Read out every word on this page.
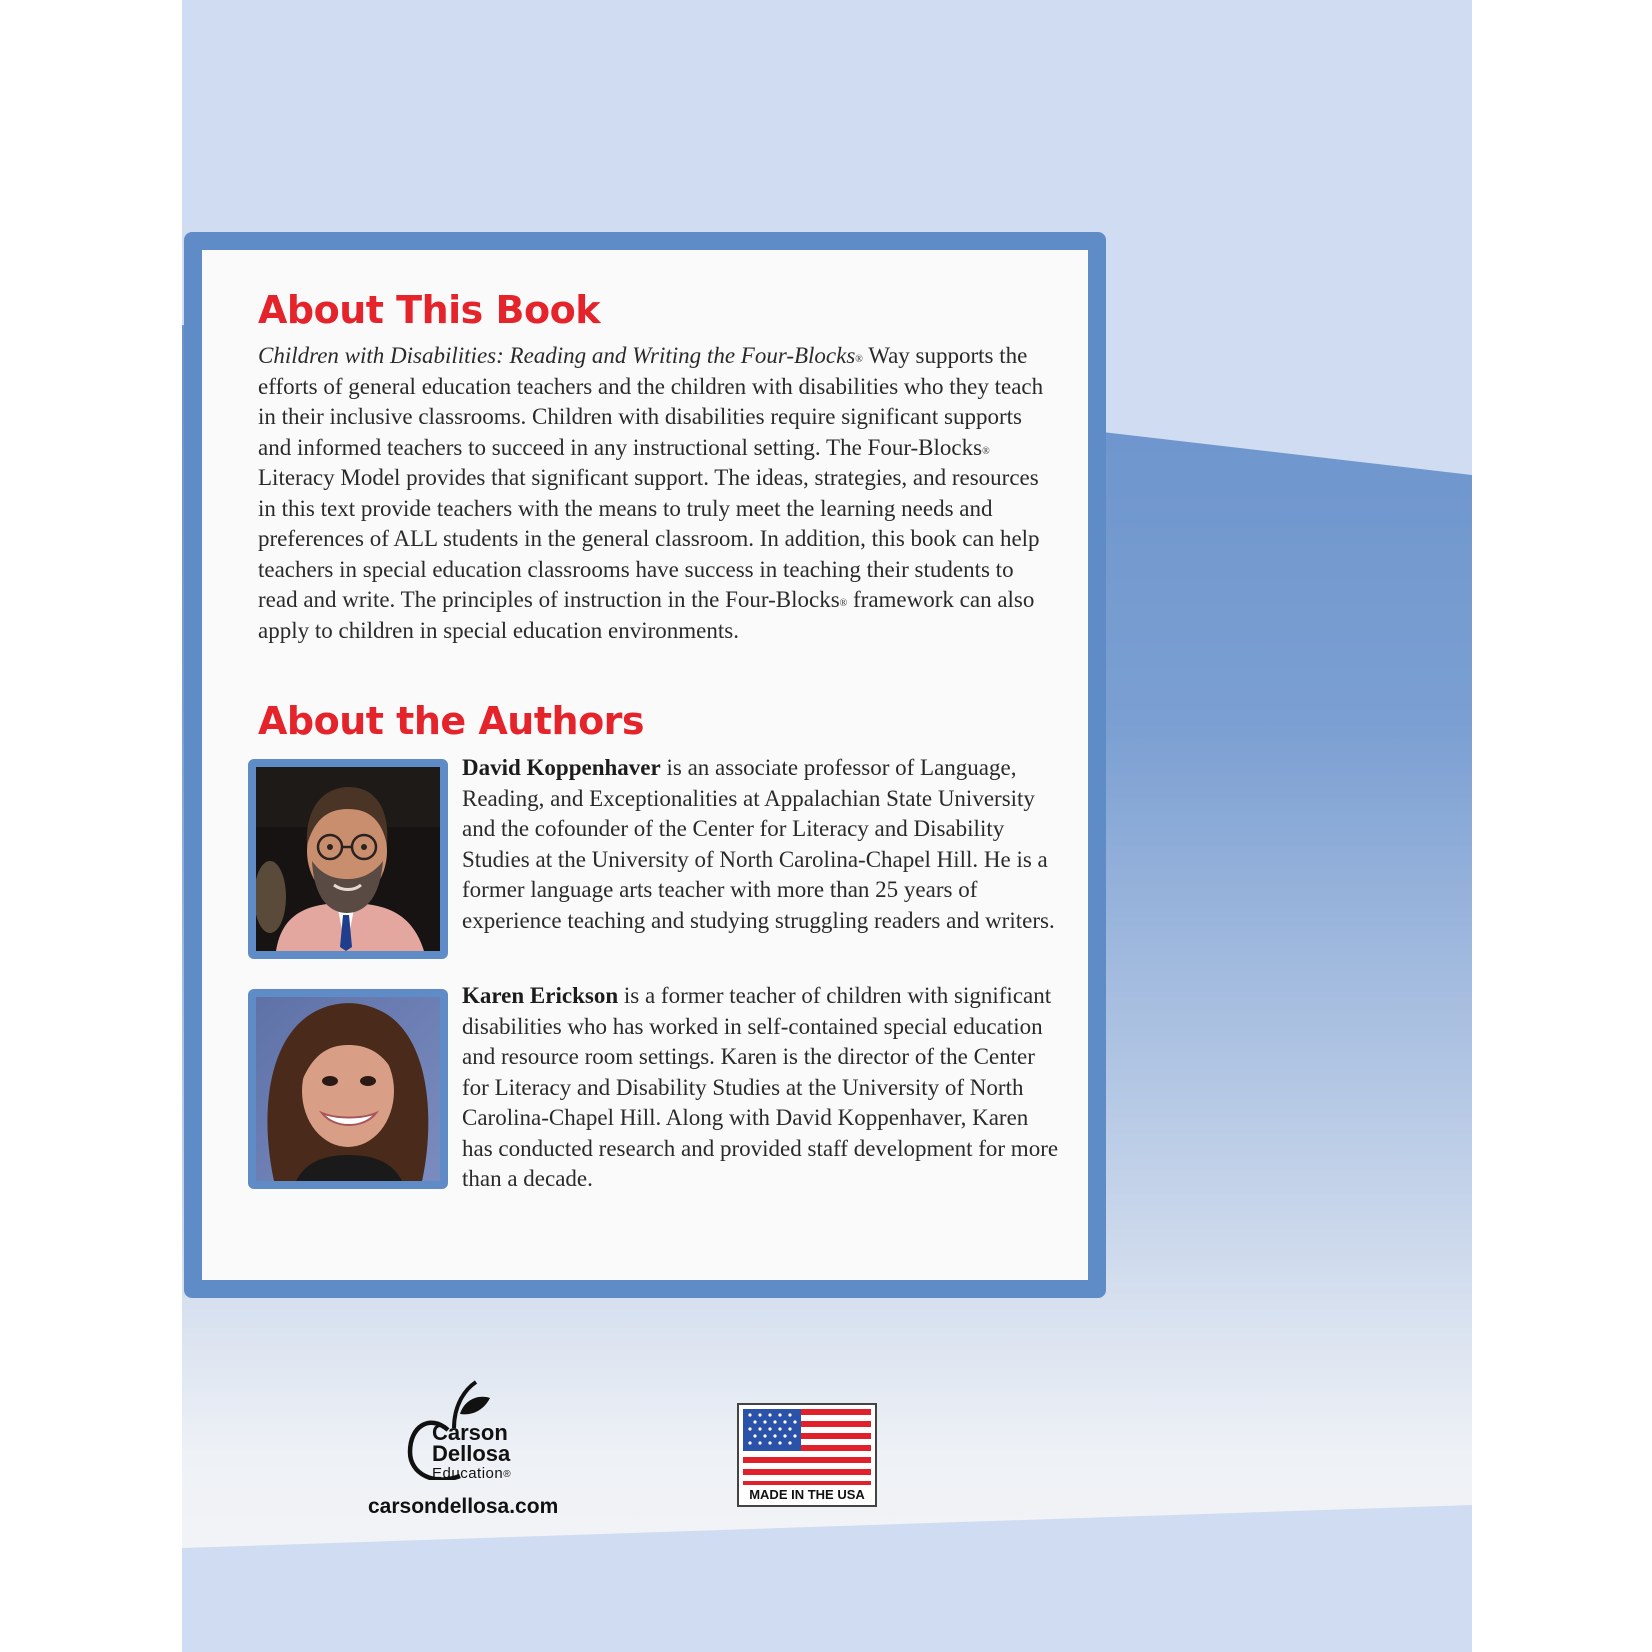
About This Book

Children with Disabilities: Reading and Writing the Four-Blocks® Way supports the efforts of general education teachers and the children with disabilities who they teach in their inclusive classrooms. Children with disabilities require significant supports and informed teachers to succeed in any instructional setting. The Four-Blocks® Literacy Model provides that significant support. The ideas, strategies, and resources in this text provide teachers with the means to truly meet the learning needs and preferences of ALL students in the general classroom. In addition, this book can help teachers in special education classrooms have success in teaching their students to read and write. The principles of instruction in the Four-Blocks® framework can also apply to children in special education environments.

About the Authors

David Koppenhaver is an associate professor of Language, Reading, and Exceptionalities at Appalachian State University and the cofounder of the Center for Literacy and Disability Studies at the University of North Carolina-Chapel Hill. He is a former language arts teacher with more than 25 years of experience teaching and studying struggling readers and writers.

Karen Erickson is a former teacher of children with significant disabilities who has worked in self-contained special education and resource room settings. Karen is the director of the Center for Literacy and Disability Studies at the University of North Carolina-Chapel Hill. Along with David Koppenhaver, Karen has conducted research and provided staff development for more than a decade.

Carson
Dellosa
Education®

carsondellosa.com

MADE IN THE USA
